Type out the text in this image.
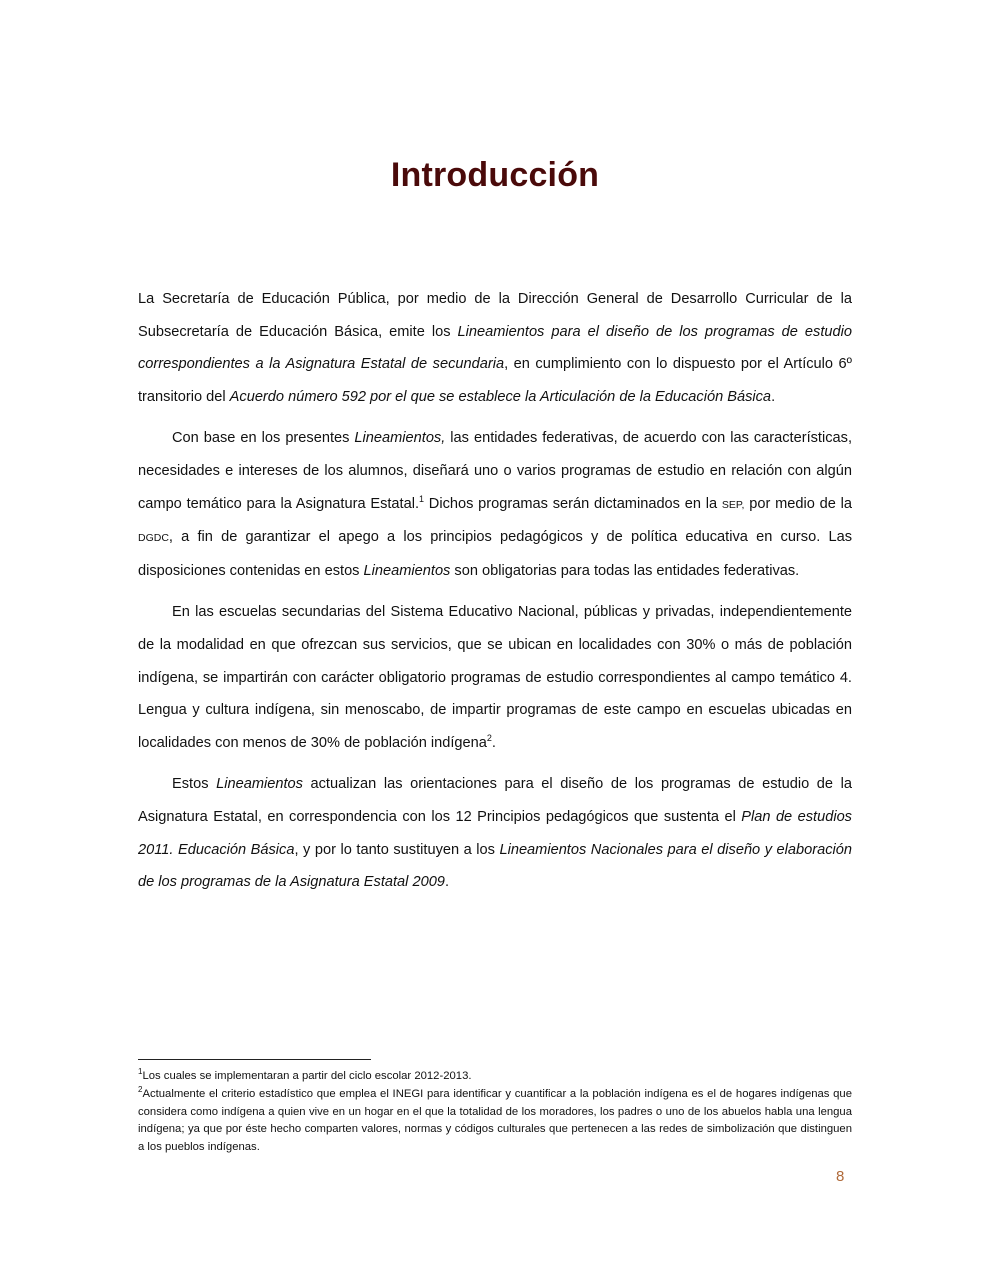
Introducción

La Secretaría de Educación Pública, por medio de la Dirección General de Desarrollo Curricular de la Subsecretaría de Educación Básica, emite los Lineamientos para el diseño de los programas de estudio correspondientes a la Asignatura Estatal de secundaria, en cumplimiento con lo dispuesto por el Artículo 6º transitorio del Acuerdo número 592 por el que se establece la Articulación de la Educación Básica.

Con base en los presentes Lineamientos, las entidades federativas, de acuerdo con las características, necesidades e intereses de los alumnos, diseñará uno o varios programas de estudio en relación con algún campo temático para la Asignatura Estatal.$^1$ Dichos programas serán dictaminados en la SEP, por medio de la DGDC, a fin de garantizar el apego a los principios pedagógicos y de política educativa en curso. Las disposiciones contenidas en estos Lineamientos son obligatorias para todas las entidades federativas.

En las escuelas secundarias del Sistema Educativo Nacional, públicas y privadas, independientemente de la modalidad en que ofrezcan sus servicios, que se ubican en localidades con 30% o más de población indígena, se impartirán con carácter obligatorio programas de estudio correspondientes al campo temático 4. Lengua y cultura indígena, sin menoscabo, de impartir programas de este campo en escuelas ubicadas en localidades con menos de 30% de población indígena$^2$.

Estos Lineamientos actualizan las orientaciones para el diseño de los programas de estudio de la Asignatura Estatal, en correspondencia con los 12 Principios pedagógicos que sustenta el Plan de estudios 2011. Educación Básica, y por lo tanto sustituyen a los Lineamientos Nacionales para el diseño y elaboración de los programas de la Asignatura Estatal 2009.

$^1$Los cuales se implementaran a partir del ciclo escolar 2012-2013.

$^2$Actualmente el criterio estadístico que emplea el INEGI para identificar y cuantificar a la población indígena es el de hogares indígenas que considera como indígena a quien vive en un hogar en el que la totalidad de los moradores, los padres o uno de los abuelos habla una lengua indígena; ya que por éste hecho comparten valores, normas y códigos culturales que pertenecen a las redes de simbolización que distinguen a los pueblos indígenas.

8
